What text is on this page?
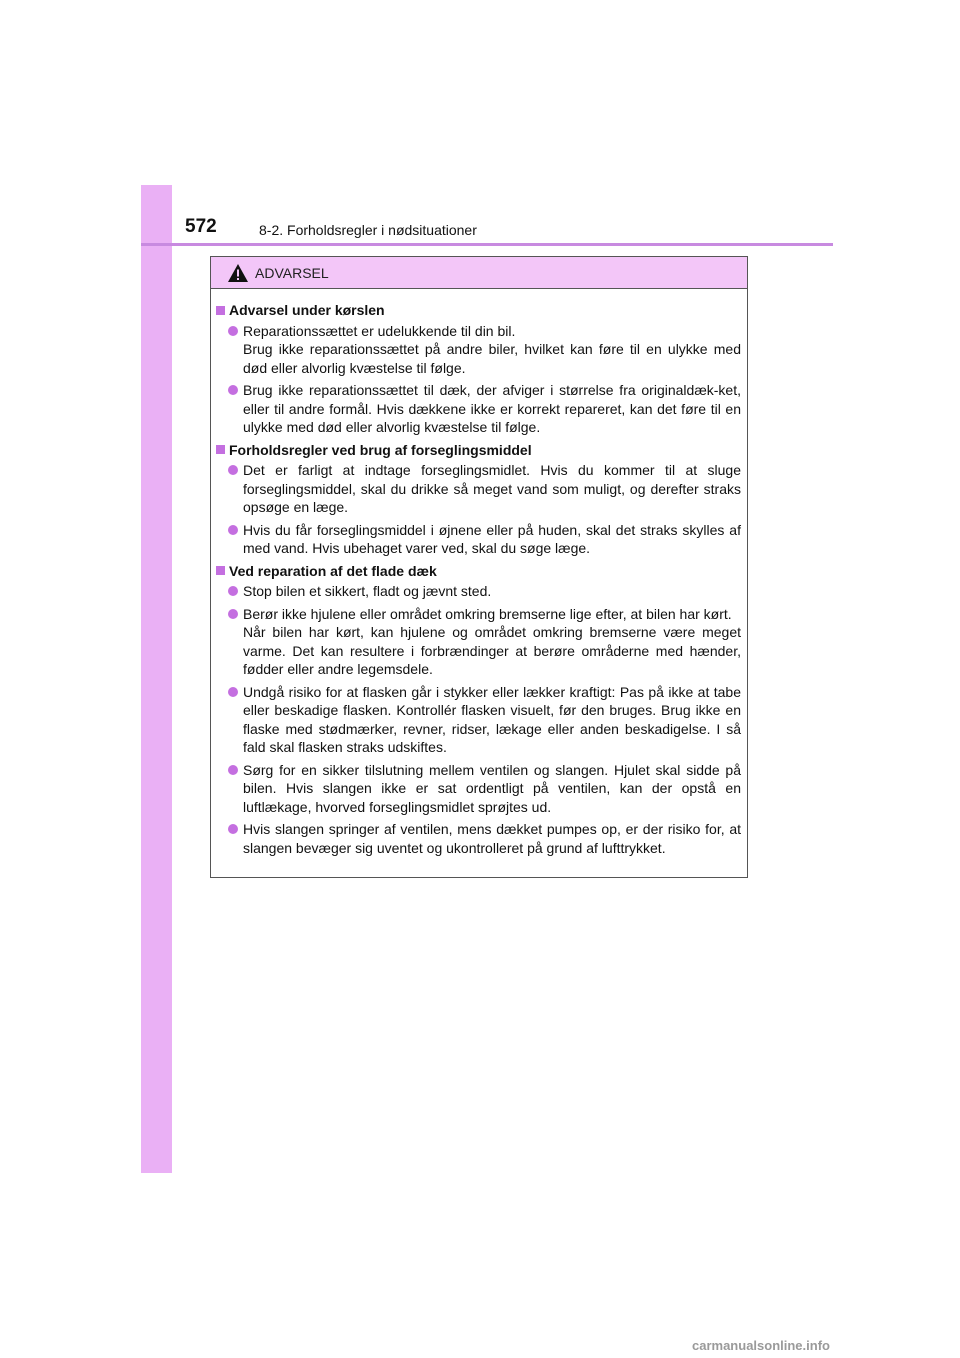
572	8-2. Forholdsregler i nødsituationer
ADVARSEL
Advarsel under kørslen
Reparationssættet er udelukkende til din bil.
Brug ikke reparationssættet på andre biler, hvilket kan føre til en ulykke med død eller alvorlig kvæstelse til følge.
Brug ikke reparationssættet til dæk, der afviger i størrelse fra originaldæk-ket, eller til andre formål. Hvis dækkene ikke er korrekt repareret, kan det føre til en ulykke med død eller alvorlig kvæstelse til følge.
Forholdsregler ved brug af forseglingsmiddel
Det er farligt at indtage forseglingsmidlet. Hvis du kommer til at sluge forseglingsmiddel, skal du drikke så meget vand som muligt, og derefter straks opsøge en læge.
Hvis du får forseglingsmiddel i øjnene eller på huden, skal det straks skylles af med vand. Hvis ubehaget varer ved, skal du søge læge.
Ved reparation af det flade dæk
Stop bilen et sikkert, fladt og jævnt sted.
Berør ikke hjulene eller området omkring bremserne lige efter, at bilen har kørt.
Når bilen har kørt, kan hjulene og området omkring bremserne være meget varme. Det kan resultere i forbrændinger at berøre områderne med hænder, fødder eller andre legemsdele.
Undgå risiko for at flasken går i stykker eller lækker kraftigt: Pas på ikke at tabe eller beskadige flasken. Kontrollér flasken visuelt, før den bruges. Brug ikke en flaske med stødmærker, revner, ridser, lækage eller anden beskadigelse. I så fald skal flasken straks udskiftes.
Sørg for en sikker tilslutning mellem ventilen og slangen. Hjulet skal sidde på bilen. Hvis slangen ikke er sat ordentligt på ventilen, kan der opstå en luftlækage, hvorved forseglingsmidlet sprøjtes ud.
Hvis slangen springer af ventilen, mens dækket pumpes op, er der risiko for, at slangen bevæger sig uventet og ukontrolleret på grund af lufttrykket.
carmanualsonline.info
